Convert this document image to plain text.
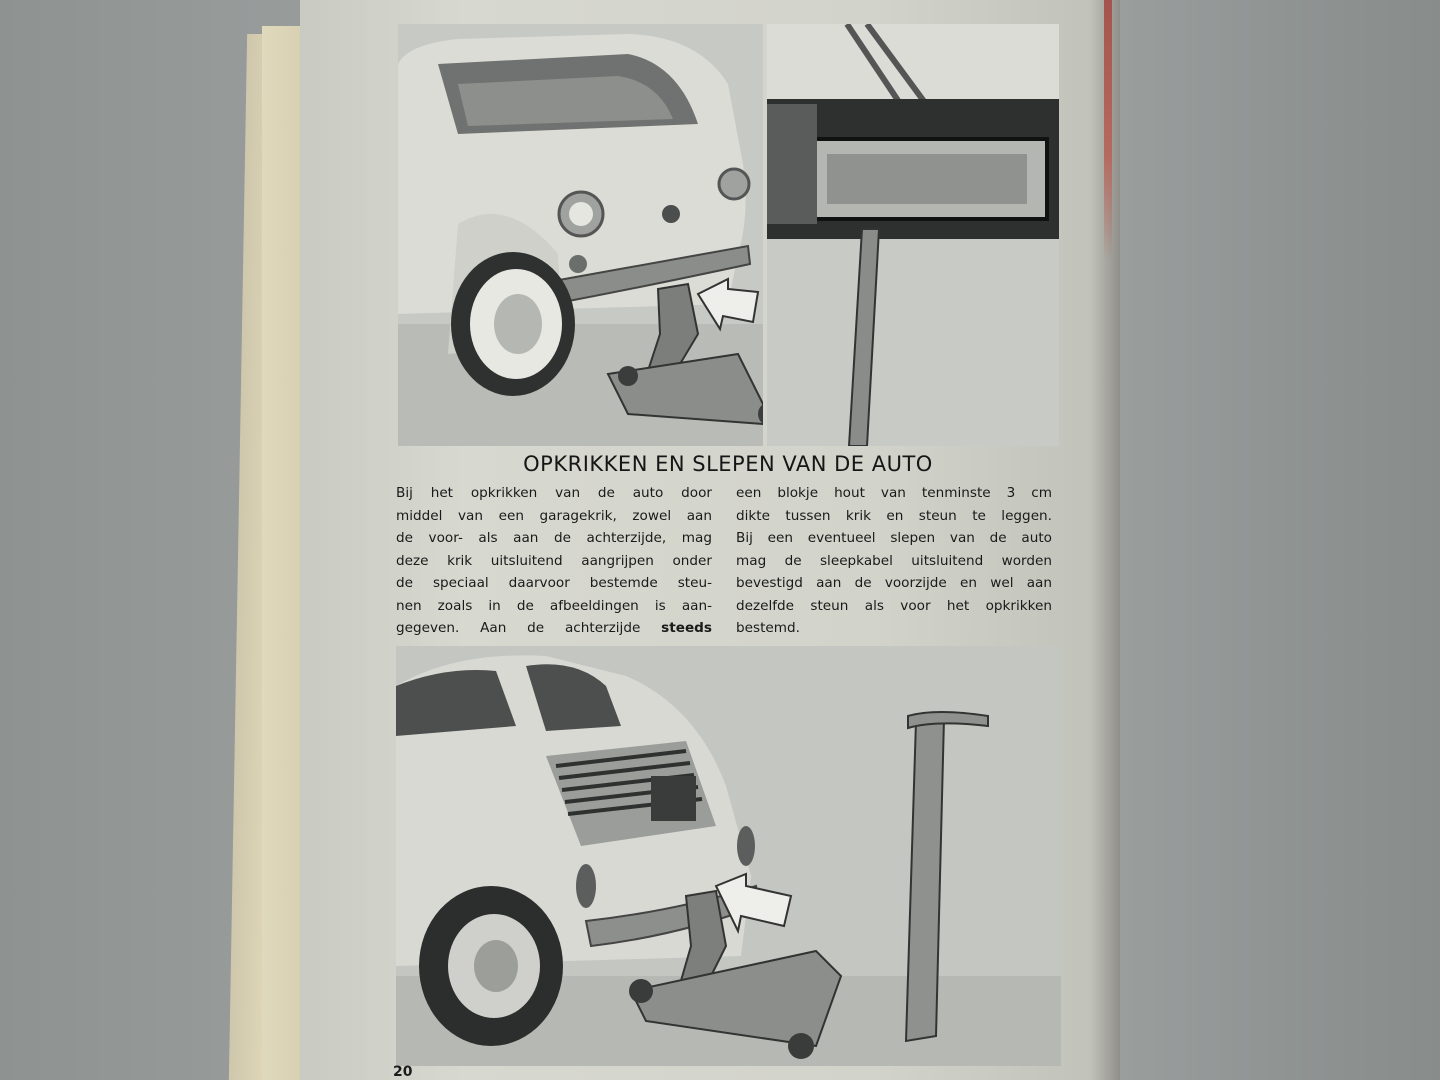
OPKRIKKEN EN SLEPEN VAN DE AUTO
Bij het opkrikken van de auto door
middel van een garagekrik, zowel aan
de voor- als aan de achterzijde, mag
deze krik uitsluitend aangrijpen onder
de speciaal daarvoor bestemde steu-
nen zoals in de afbeeldingen is aan-
gegeven. Aan de achterzijde steeds
een blokje hout van tenminste 3 cm
dikte tussen krik en steun te leggen.
Bij een eventueel slepen van de auto
mag de sleepkabel uitsluitend worden
bevestigd aan de voorzijde en wel aan
dezelfde steun als voor het opkrikken
bestemd.
20
